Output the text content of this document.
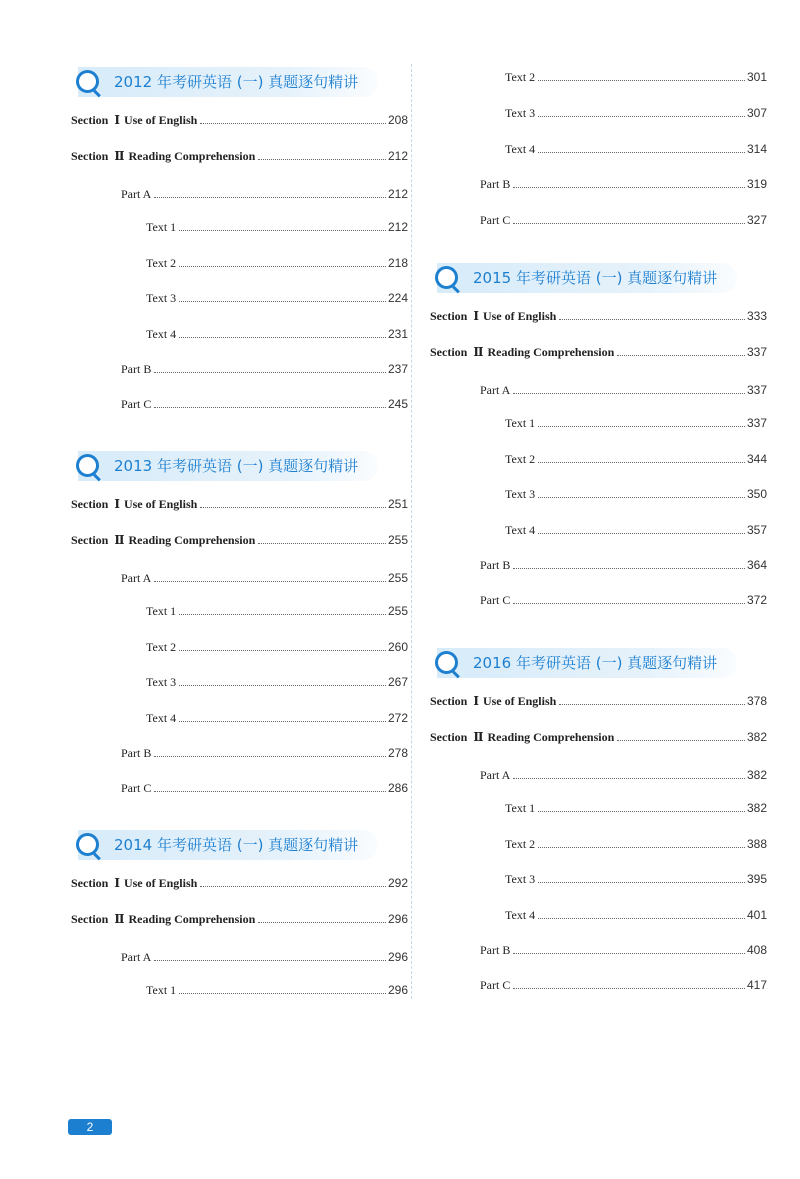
2012 年考研英语 (一) 真题逐句精讲
Section Ⅰ Use of English	208
Section Ⅱ Reading Comprehension	212
Part A	212
Text 1	212
Text 2	218
Text 3	224
Text 4	231
Part B	237
Part C	245
2013 年考研英语 (一) 真题逐句精讲
Section Ⅰ Use of English	251
Section Ⅱ Reading Comprehension	255
Part A	255
Text 1	255
Text 2	260
Text 3	267
Text 4	272
Part B	278
Part C	286
2014 年考研英语 (一) 真题逐句精讲
Section Ⅰ Use of English	292
Section Ⅱ Reading Comprehension	296
Part A	296
Text 1	296
Text 2	301
Text 3	307
Text 4	314
Part B	319
Part C	327
2015 年考研英语 (一) 真题逐句精讲
Section Ⅰ Use of English	333
Section Ⅱ Reading Comprehension	337
Part A	337
Text 1	337
Text 2	344
Text 3	350
Text 4	357
Part B	364
Part C	372
2016 年考研英语 (一) 真题逐句精讲
Section Ⅰ Use of English	378
Section Ⅱ Reading Comprehension	382
Part A	382
Text 1	382
Text 2	388
Text 3	395
Text 4	401
Part B	408
Part C	417
2
